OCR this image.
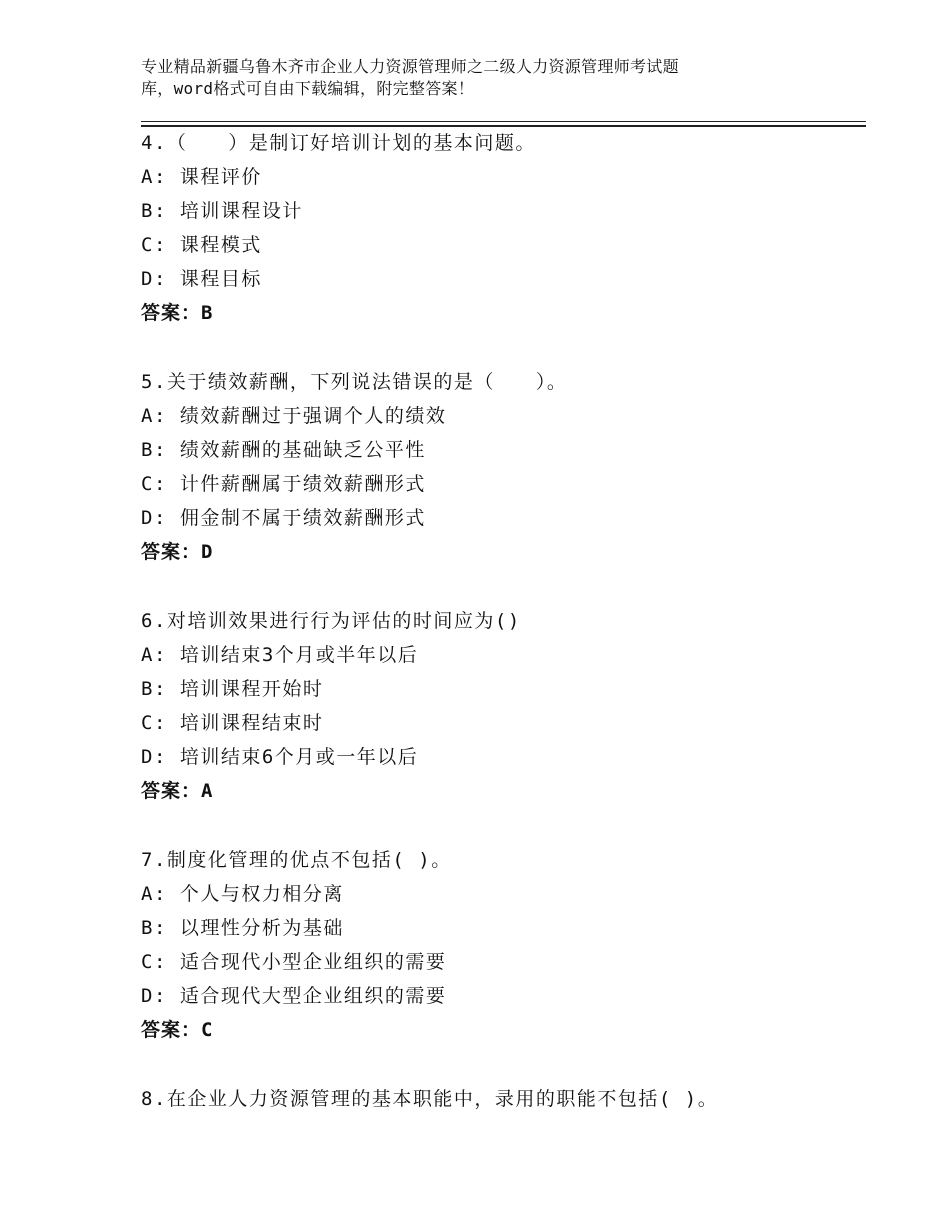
专业精品新疆乌鲁木齐市企业人力资源管理师之二级人力资源管理师考试题
库，word格式可自由下载编辑，附完整答案！
4.（　　）是制订好培训计划的基本问题。
A: 课程评价
B: 培训课程设计
C: 课程模式
D: 课程目标
答案：B
5.关于绩效薪酬，下列说法错误的是（　　）。
A: 绩效薪酬过于强调个人的绩效
B: 绩效薪酬的基础缺乏公平性
C: 计件薪酬属于绩效薪酬形式
D: 佣金制不属于绩效薪酬形式
答案：D
6.对培训效果进行行为评估的时间应为()
A: 培训结束3个月或半年以后
B: 培训课程开始时
C: 培训课程结束时
D: 培训结束6个月或一年以后
答案：A
7.制度化管理的优点不包括( )。
A: 个人与权力相分离
B: 以理性分析为基础
C: 适合现代小型企业组织的需要
D: 适合现代大型企业组织的需要
答案：C
8.在企业人力资源管理的基本职能中，录用的职能不包括( )。
